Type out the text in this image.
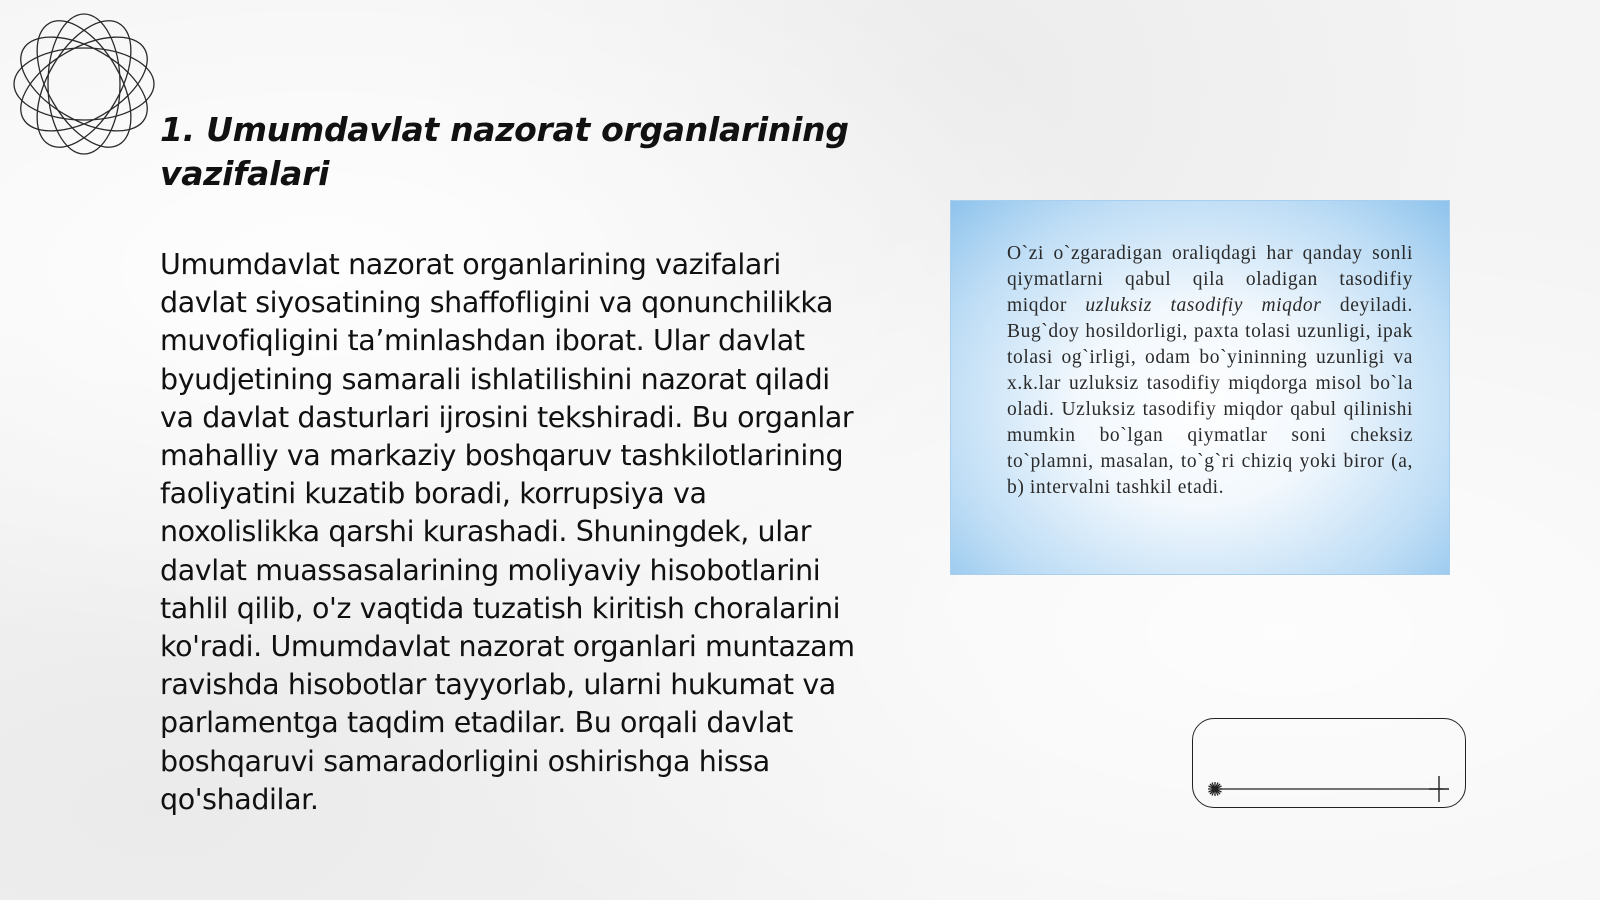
1. Umumdavlat nazorat organlarining vazifalari

Umumdavlat nazorat organlarining vazifalari davlat siyosatining shaffofligini va qonunchilikka muvofiqligini ta’minlashdan iborat. Ular davlat byudjetining samarali ishlatilishini nazorat qiladi va davlat dasturlari ijrosini tekshiradi. Bu organlar mahalliy va markaziy boshqaruv tashkilotlarining faoliyatini kuzatib boradi, korrupsiya va noxolislikka qarshi kurashadi. Shuningdek, ular davlat muassasalarining moliyaviy hisobotlarini tahlil qilib, o'z vaqtida tuzatish kiritish choralarini ko'radi. Umumdavlat nazorat organlari muntazam ravishda hisobotlar tayyorlab, ularni hukumat va parlamentga taqdim etadilar. Bu orqali davlat boshqaruvi samaradorligini oshirishga hissa qo'shadilar.

O`zi o`zgaradigan oraliqdagi har qanday sonli qiymatlarni qabul qila oladigan tasodifiy miqdor uzluksiz tasodifiy miqdor deyiladi. Bug`doy hosildorligi, paxta tolasi uzunligi, ipak tolasi og`irligi, odam bo`yininning uzunligi va x.k.lar uzluksiz tasodifiy miqdorga misol bo`la oladi. Uzluksiz tasodifiy miqdor qabul qilinishi mumkin bo`lgan qiymatlar soni cheksiz to`plamni, masalan, to`g`ri chiziq yoki biror (a, b) intervalni tashkil etadi.
